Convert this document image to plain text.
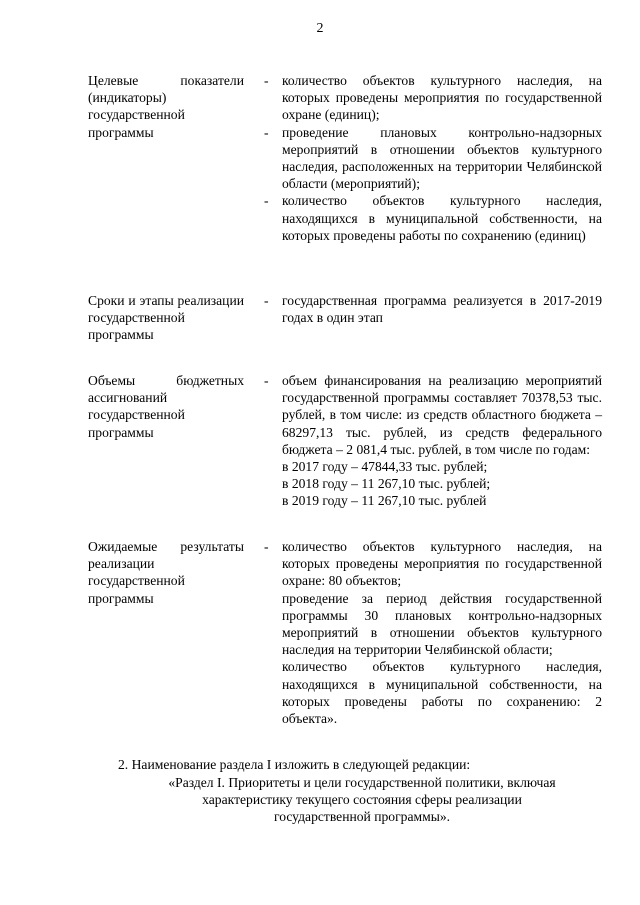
2
Целевые показатели (индикаторы) государственной программы
- количество объектов культурного наследия, на которых проведены мероприятия по государственной охране (единиц);
- проведение плановых контрольно-надзорных мероприятий в отношении объектов культурного наследия, расположенных на территории Челябинской области (мероприятий);
- количество объектов культурного наследия, находящихся в муниципальной собственности, на которых проведены работы по сохранению (единиц)
Сроки и этапы реализации государственной программы
- государственная программа реализуется в 2017-2019 годах в один этап
Объемы бюджетных ассигнований государственной программы
- объем финансирования на реализацию мероприятий государственной программы составляет 70378,53 тыс. рублей, в том числе: из средств областного бюджета – 68297,13 тыс. рублей, из средств федерального бюджета – 2 081,4 тыс. рублей, в том числе по годам:
в 2017 году – 47844,33 тыс. рублей;
в 2018 году – 11 267,10 тыс. рублей;
в 2019 году – 11 267,10 тыс. рублей
Ожидаемые результаты реализации государственной программы
- количество объектов культурного наследия, на которых проведены мероприятия по государственной охране: 80 объектов;
проведение за период действия государственной программы 30 плановых контрольно-надзорных мероприятий в отношении объектов культурного наследия на территории Челябинской области;
количество объектов культурного наследия, находящихся в муниципальной собственности, на которых проведены работы по сохранению: 2 объекта».
2. Наименование раздела I изложить в следующей редакции:
«Раздел I. Приоритеты и цели государственной политики, включая
характеристику текущего состояния сферы реализации
государственной программы».
